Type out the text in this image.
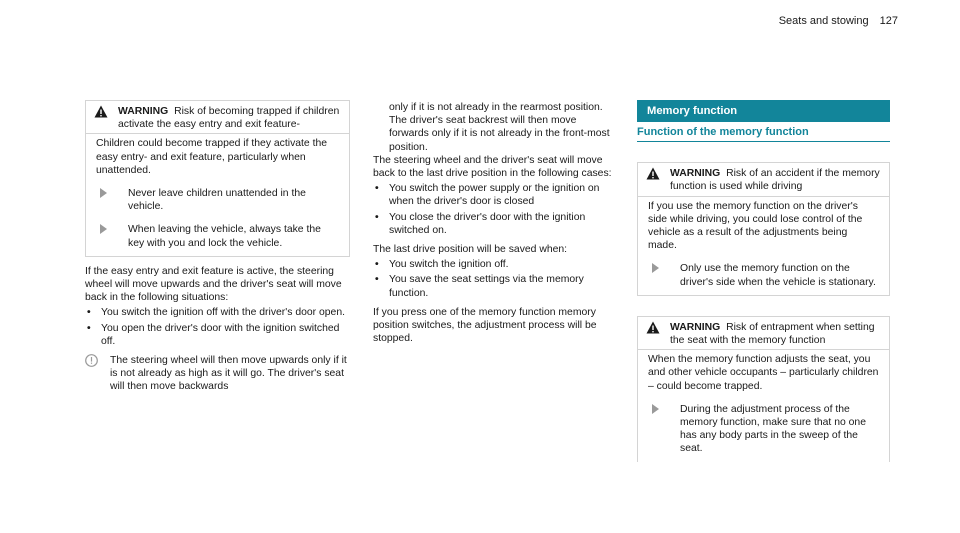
Seats and stowing 127
WARNING Risk of becoming trapped if children activate the easy entry and exit feature-

Children could become trapped if they activate the easy entry- and exit feature, particularly when unattended.

Never leave children unattended in the vehicle.
When leaving the vehicle, always take the key with you and lock the vehicle.

If the easy entry and exit feature is active, the steering wheel will move upwards and the driver's seat will move back in the following situations:

• You switch the ignition off with the driver's door open.
• You open the driver's door with the ignition switched off.
The steering wheel will then move upwards only if it is not already as high as it will go. The driver's seat will then move backwards

only if it is not already in the rearmost position.

The driver's seat backrest will then move forwards only if it is not already in the front-most position.

The steering wheel and the driver's seat will move back to the last drive position in the following cases:

• You switch the power supply or the ignition on when the driver's door is closed
• You close the driver's door with the ignition switched on.

The last drive position will be saved when:

• You switch the ignition off.
• You save the seat settings via the memory function.

If you press one of the memory function memory position switches, the adjustment process will be stopped.

Memory function
Function of the memory function
WARNING Risk of an accident if the memory function is used while driving

If you use the memory function on the driver's side while driving, you could lose control of the vehicle as a result of the adjustments being made.

Only use the memory function on the driver's side when the vehicle is stationary.
WARNING Risk of entrapment when setting the seat with the memory function

When the memory function adjusts the seat, you and other vehicle occupants – particularly children – could become trapped.

During the adjustment process of the memory function, make sure that no one has any body parts in the sweep of the seat.
